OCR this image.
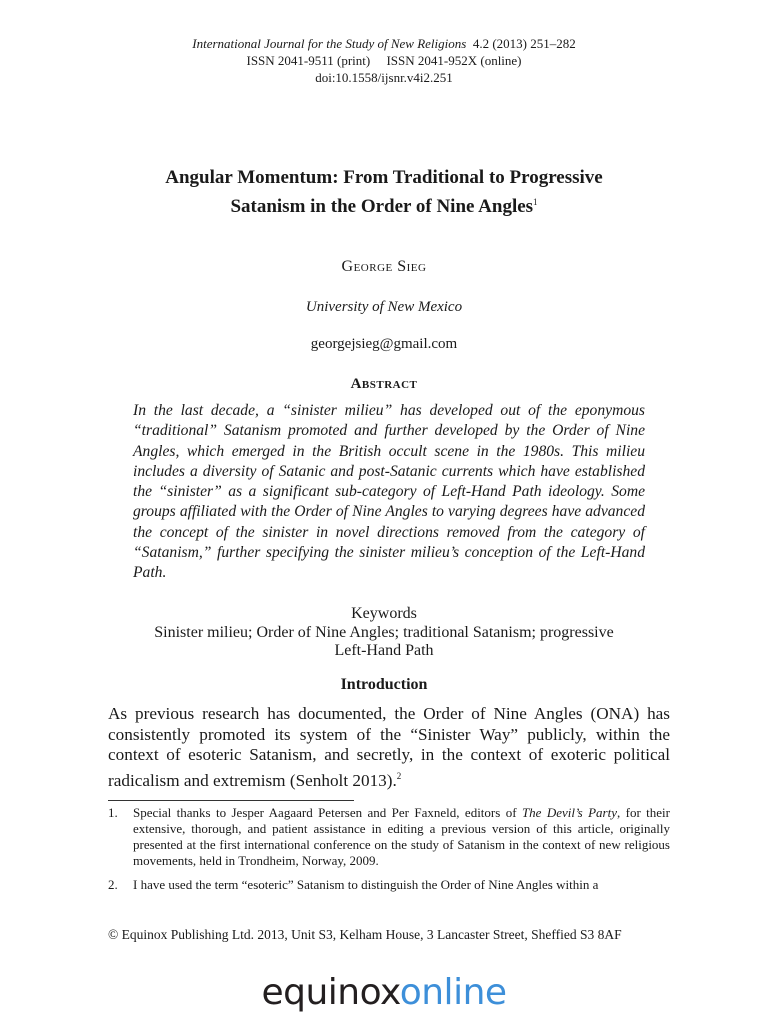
International Journal for the Study of New Religions 4.2 (2013) 251–282
ISSN 2041-9511 (print)     ISSN 2041-952X (online)
doi:10.1558/ijsnr.v4i2.251
Angular Momentum: From Traditional to Progressive
Satanism in the Order of Nine Angles$^1$
George Sieg
University of New Mexico
georgejsieg@gmail.com
Abstract
In the last decade, a “sinister milieu” has developed out of the eponymous “traditional” Satanism promoted and further developed by the Order of Nine Angles, which emerged in the British occult scene in the 1980s. This milieu includes a diversity of Satanic and post-Satanic currents which have established the “sinister” as a significant sub-category of Left-Hand Path ideology. Some groups affiliated with the Order of Nine Angles to varying degrees have advanced the concept of the sinister in novel directions removed from the category of “Satanism,” further specifying the sinister milieu’s conception of the Left-Hand Path.
Keywords
Sinister milieu; Order of Nine Angles; traditional Satanism; progressive
Left-Hand Path
Introduction
As previous research has documented, the Order of Nine Angles (ONA) has consistently promoted its system of the “Sinister Way” publicly, within the context of esoteric Satanism, and secretly, in the context of exoteric political radicalism and extremism (Senholt 2013).$^2$
1. Special thanks to Jesper Aagaard Petersen and Per Faxneld, editors of The Devil’s Party, for their extensive, thorough, and patient assistance in editing a previous version of this article, originally presented at the first international conference on the study of Satanism in the context of new religious movements, held in Trondheim, Norway, 2009.
2. I have used the term “esoteric” Satanism to distinguish the Order of Nine Angles within a
© Equinox Publishing Ltd. 2013, Unit S3, Kelham House, 3 Lancaster Street, Sheffied S3 8AF
equinoxonline
